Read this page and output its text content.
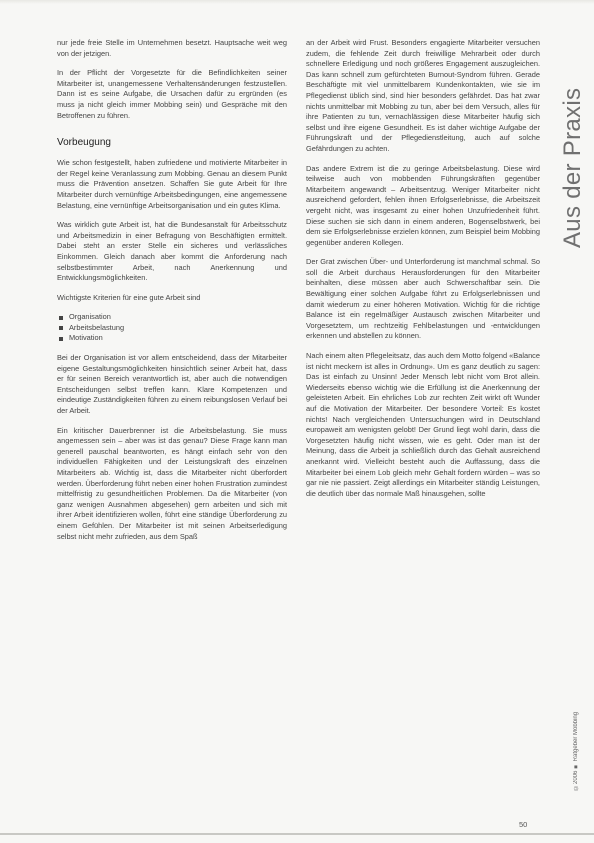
nur jede freie Stelle im Unternehmen besetzt. Hauptsache weit weg von der jetzigen.

In der Pflicht der Vorgesetzte für die Befindlichkeiten seiner Mitarbeiter ist, unangemessene Verhaltensänderungen festzustellen. Dann ist es seine Aufgabe, die Ursachen dafür zu ergründen (es muss ja nicht gleich immer Mobbing sein) und Gespräche mit den Betroffenen zu führen.

Vorbeugung

Wie schon festgestellt, haben zufriedene und motivierte Mitarbeiter in der Regel keine Veranlassung zum Mobbing. Genau an diesem Punkt muss die Prävention ansetzen. Schaffen Sie gute Arbeit für Ihre Mitarbeiter durch vernünftige Arbeitsbedingungen, eine angemessene Belastung, eine vernünftige Arbeitsorganisation und ein gutes Klima.

Was wirklich gute Arbeit ist, hat die Bundesanstalt für Arbeitsschutz und Arbeitsmedizin in einer Befragung von Beschäftigten ermittelt. Dabei steht an erster Stelle ein sicheres und verlässliches Einkommen. Gleich danach aber kommt die Anforderung nach selbstbestimmter Arbeit, nach Anerkennung und Entwicklungsmöglichkeiten.

Wichtigste Kriterien für eine gute Arbeit sind

Organisation
Arbeitsbelastung
Motivation

Bei der Organisation ist vor allem entscheidend, dass der Mitarbeiter eigene Gestaltungsmöglichkeiten hinsichtlich seiner Arbeit hat, dass er für seinen Bereich verantwortlich ist, aber auch die notwendigen Entscheidungen selbst treffen kann. Klare Kompetenzen und eindeutige Zuständigkeiten führen zu einem reibungslosen Verlauf bei der Arbeit.

Ein kritischer Dauerbrenner ist die Arbeitsbelastung. Sie muss angemessen sein – aber was ist das genau? Diese Frage kann man generell pauschal beantworten, es hängt einfach sehr von den individuellen Fähigkeiten und der Leistungskraft des einzelnen Mitarbeiters ab. Wichtig ist, dass die Mitarbeiter nicht überfordert werden. Überforderung führt neben einer hohen Frustration zumindest mittelfristig zu gesundheitlichen Problemen. Da die Mitarbeiter (von ganz wenigen Ausnahmen abgesehen) gern arbeiten und sich mit ihrer Arbeit identifizieren wollen, führt eine ständige Überforderung zu einem Gefühlen. Der Mitarbeiter ist mit seinen Arbeitserledigung selbst nicht mehr zufrieden, aus dem Spaß

an der Arbeit wird Frust. Besonders engagierte Mitarbeiter versuchen zudem, die fehlende Zeit durch freiwillige Mehrarbeit oder durch schnellere Erledigung und noch größeres Engagement auszugleichen. Das kann schnell zum gefürchteten Burnout-Syndrom führen. Gerade Beschäftigte mit viel unmittelbarem Kundenkontakten, wie sie im Pflegedienst üblich sind, sind hier besonders gefährdet. Das hat zwar nichts unmittelbar mit Mobbing zu tun, aber bei dem Versuch, alles für ihre Patienten zu tun, vernachlässigen diese Mitarbeiter häufig sich selbst und ihre eigene Gesundheit. Es ist daher wichtige Aufgabe der Führungskraft und der Pflegedienstleitung, auch auf solche Gefährdungen zu achten.

Das andere Extrem ist die zu geringe Arbeitsbelastung. Diese wird teilweise auch von mobbenden Führungskräften gegenüber Mitarbeitern angewandt – Arbeitsentzug. Weniger Mitarbeiter nicht ausreichend gefordert, fehlen ihnen Erfolgserlebnisse, die Arbeitszeit vergeht nicht, was insgesamt zu einer hohen Unzufriedenheit führt. Diese suchen sie sich dann in einem anderen, Bogenselbstwerk, bei dem sie Erfolgserlebnisse erzielen können, zum Beispiel beim Mobbing gegenüber anderen Kollegen.

Der Grat zwischen Über- und Unterforderung ist manchmal schmal. So soll die Arbeit durchaus Herausforderungen für den Mitarbeiter beinhalten, diese müssen aber auch Schwerschaftbar sein. Die Bewältigung einer solchen Aufgabe führt zu Erfolgserlebnissen und damit wiederum zu einer höheren Motivation. Wichtig für die richtige Balance ist ein regelmäßiger Austausch zwischen Mitarbeiter und Vorgesetztem, um rechtzeitig Fehlbelastungen und -entwicklungen erkennen und abstellen zu können.

Nach einem alten Pflegeleitsatz, das auch dem Motto folgend «Balance ist nicht meckern ist alles in Ordnung». Um es ganz deutlich zu sagen: Das ist einfach zu Unsinn! Jeder Mensch lebt nicht vom Brot allein. Wiederseits ebenso wichtig wie die Erfüllung ist die Anerkennung der geleisteten Arbeit. Ein ehrliches Lob zur rechten Zeit wirkt oft Wunder auf die Motivation der Mitarbeiter. Der besondere Vorteil: Es kostet nichts! Nach vergleichenden Untersuchungen wird in Deutschland europaweit am wenigsten gelobt! Der Grund liegt wohl darin, dass die Vorgesetzten häufig nicht wissen, wie es geht. Oder man ist der Meinung, dass die Arbeit ja schließlich durch das Gehalt ausreichend anerkannt wird. Vielleicht besteht auch die Auffassung, dass die Mitarbeiter bei einem Lob gleich mehr Gehalt fordern würden – was so gar nie nie passiert. Zeigt allerdings ein Mitarbeiter ständig Leistungen, die deutlich über das normale Maß hinausgehen, sollte

Aus der Praxis
©2006 ■ Ratgeber Mobbing
50
